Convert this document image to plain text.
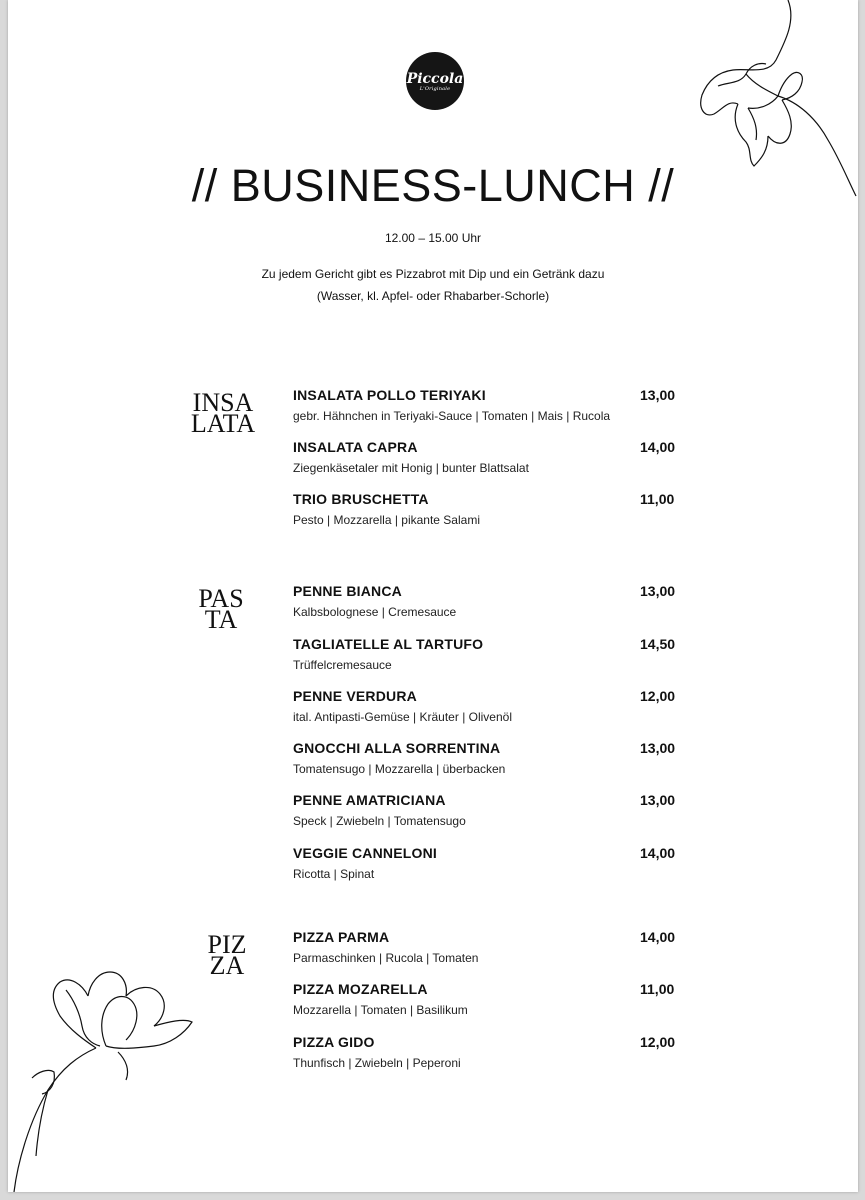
Piccola
L'Originale
// BUSINESS-LUNCH //
12.00 – 15.00 Uhr
Zu jedem Gericht gibt es Pizzabrot mit Dip und ein Getränk dazu
(Wasser, kl. Apfel- oder Rhabarber-Schorle)
INSA
LATA
INSALATA POLLO TERIYAKI	13,00
gebr. Hähnchen in Teriyaki-Sauce | Tomaten | Mais | Rucola
INSALATA CAPRA	14,00
Ziegenkäsetaler mit Honig | bunter Blattsalat
TRIO BRUSCHETTA	11,00
Pesto | Mozzarella | pikante Salami
PAS
TA
PENNE BIANCA	13,00
Kalbsbolognese | Cremesauce
TAGLIATELLE AL TARTUFO	14,50
Trüffelcremesauce
PENNE VERDURA	12,00
ital. Antipasti-Gemüse | Kräuter | Olivenöl
GNOCCHI ALLA SORRENTINA	13,00
Tomatensugo | Mozzarella | überbacken
PENNE AMATRICIANA	13,00
Speck | Zwiebeln | Tomatensugo
VEGGIE CANNELONI	14,00
Ricotta | Spinat
PIZ
ZA
PIZZA PARMA	14,00
Parmaschinken | Rucola | Tomaten
PIZZA MOZARELLA	11,00
Mozzarella | Tomaten | Basilikum
PIZZA GIDO	12,00
Thunfisch | Zwiebeln | Peperoni
